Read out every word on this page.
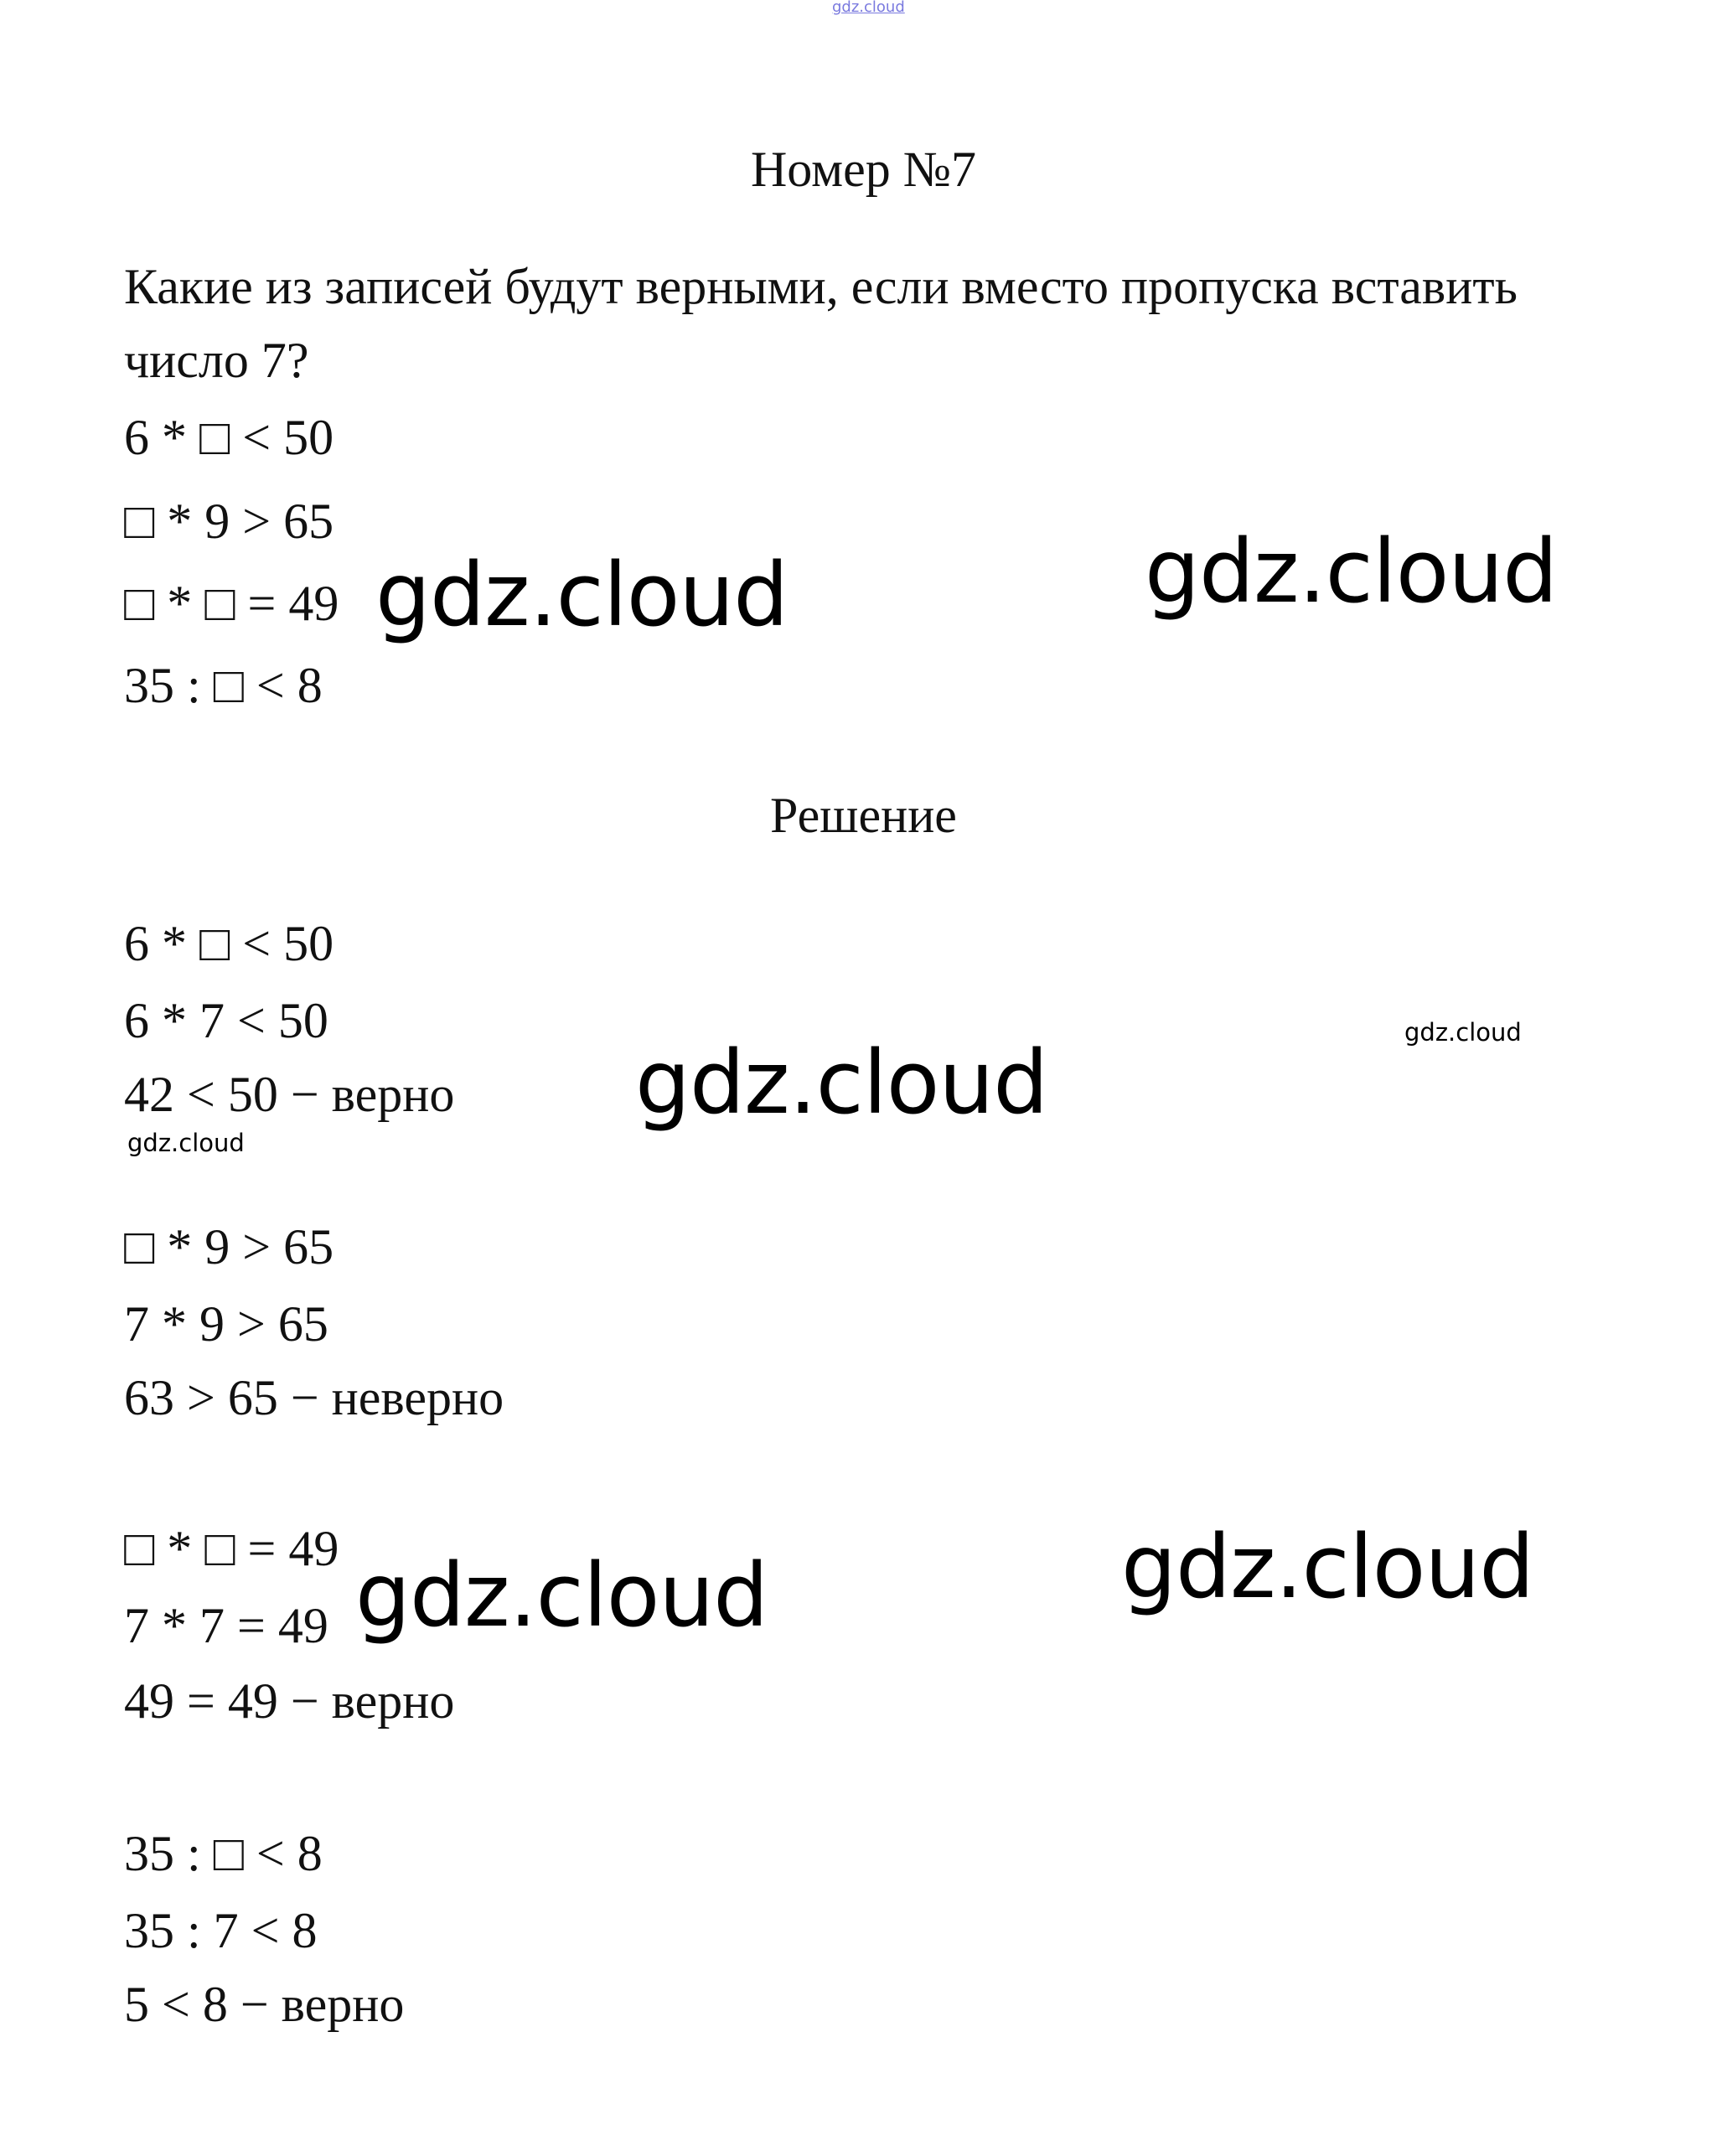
gdz.cloud
Номер №7
Какие из записей будут верными, если вместо пропуска вставить
число 7?
6 * □ < 50
□ * 9 > 65
□ * □ = 49
35 : □ < 8
Решение
6 * □ < 50
6 * 7 < 50
42 < 50 − верно
□ * 9 > 65
7 * 9 > 65
63 > 65 − неверно
□ * □ = 49
7 * 7 = 49
49 = 49 − верно
35 : □ < 8
35 : 7 < 8
5 < 8 − верно
gdz.cloud	gdz.cloud
gdz.cloud	gdz.cloud
gdz.cloud
gdz.cloud	gdz.cloud
